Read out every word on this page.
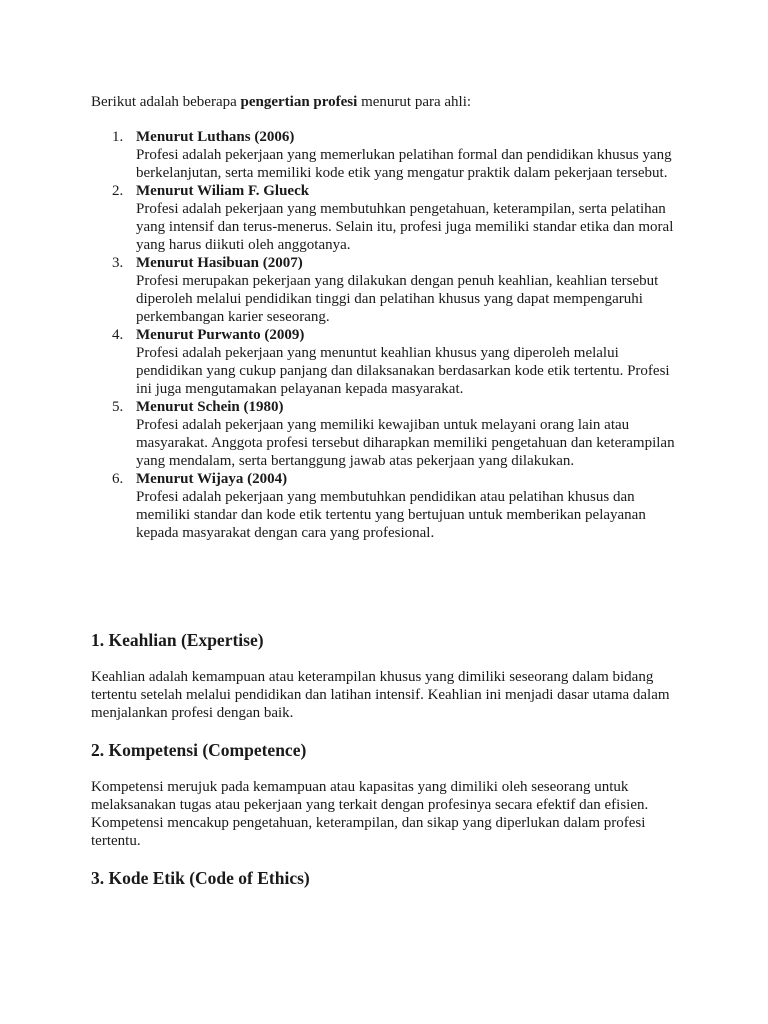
Berikut adalah beberapa pengertian profesi menurut para ahli:

1. Menurut Luthans (2006)
Profesi adalah pekerjaan yang memerlukan pelatihan formal dan pendidikan khusus yang
berkelanjutan, serta memiliki kode etik yang mengatur praktik dalam pekerjaan tersebut.
2. Menurut Wiliam F. Glueck
Profesi adalah pekerjaan yang membutuhkan pengetahuan, keterampilan, serta pelatihan
yang intensif dan terus-menerus. Selain itu, profesi juga memiliki standar etika dan moral
yang harus diikuti oleh anggotanya.
3. Menurut Hasibuan (2007)
Profesi merupakan pekerjaan yang dilakukan dengan penuh keahlian, keahlian tersebut
diperoleh melalui pendidikan tinggi dan pelatihan khusus yang dapat mempengaruhi
perkembangan karier seseorang.
4. Menurut Purwanto (2009)
Profesi adalah pekerjaan yang menuntut keahlian khusus yang diperoleh melalui
pendidikan yang cukup panjang dan dilaksanakan berdasarkan kode etik tertentu. Profesi
ini juga mengutamakan pelayanan kepada masyarakat.
5. Menurut Schein (1980)
Profesi adalah pekerjaan yang memiliki kewajiban untuk melayani orang lain atau
masyarakat. Anggota profesi tersebut diharapkan memiliki pengetahuan dan keterampilan
yang mendalam, serta bertanggung jawab atas pekerjaan yang dilakukan.
6. Menurut Wijaya (2004)
Profesi adalah pekerjaan yang membutuhkan pendidikan atau pelatihan khusus dan
memiliki standar dan kode etik tertentu yang bertujuan untuk memberikan pelayanan
kepada masyarakat dengan cara yang profesional.
1. Keahlian (Expertise)

Keahlian adalah kemampuan atau keterampilan khusus yang dimiliki seseorang dalam bidang
tertentu setelah melalui pendidikan dan latihan intensif. Keahlian ini menjadi dasar utama dalam
menjalankan profesi dengan baik.

2. Kompetensi (Competence)

Kompetensi merujuk pada kemampuan atau kapasitas yang dimiliki oleh seseorang untuk
melaksanakan tugas atau pekerjaan yang terkait dengan profesinya secara efektif dan efisien.
Kompetensi mencakup pengetahuan, keterampilan, dan sikap yang diperlukan dalam profesi
tertentu.

3. Kode Etik (Code of Ethics)
